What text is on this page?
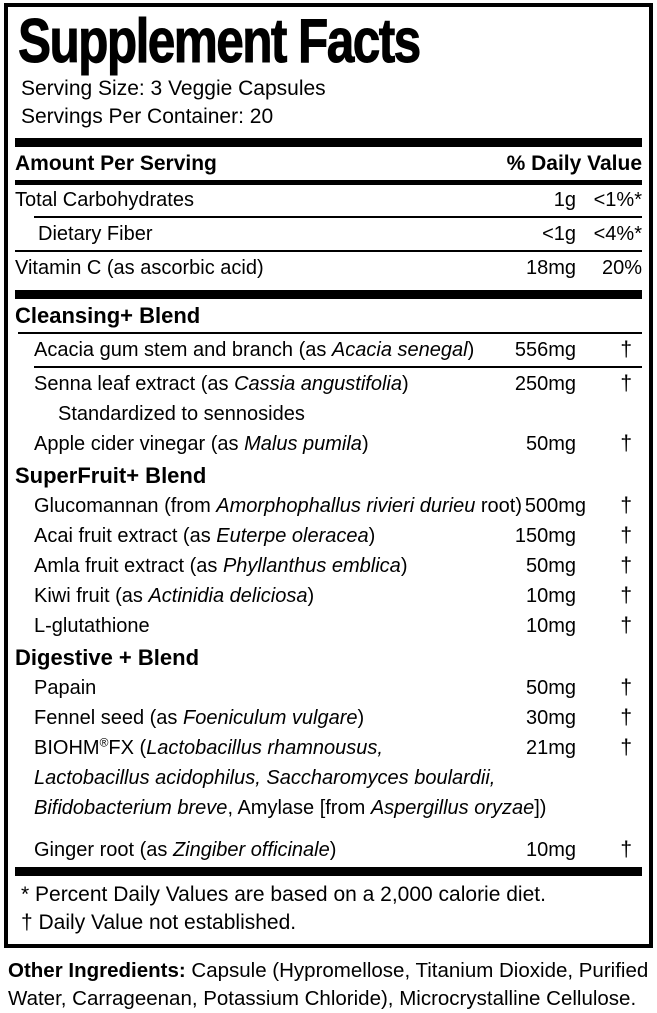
Supplement Facts
Serving Size: 3 Veggie Capsules
Servings Per Container: 20
Amount Per Serving	% Daily Value
Total Carbohydrates	1g <1%*
Dietary Fiber	<1g <4%*
Vitamin C (as ascorbic acid)	18mg	20%
Cleansing+ Blend
Acacia gum stem and branch (as Acacia senegal)	556mg	†
Senna leaf extract (as Cassia angustifolia)	250mg	†
Standardized to sennosides
Apple cider vinegar (as Malus pumila)	50mg	†
SuperFruit+ Blend
Glucomannan (from Amorphophallus rivieri durieu root) 500mg	†
Acai fruit extract (as Euterpe oleracea)	150mg	†
Amla fruit extract (as Phyllanthus emblica)	50mg	†
Kiwi fruit (as Actinidia deliciosa)	10mg	†
L-glutathione	10mg	†
Digestive + Blend
Papain	50mg	†
Fennel seed (as Foeniculum vulgare)	30mg	†
BIOHM®FX (Lactobacillus rhamnousus,	21mg	†
Lactobacillus acidophilus, Saccharomyces boulardii,
Bifidobacterium breve, Amylase [from Aspergillus oryzae])
Ginger root (as Zingiber officinale)	10mg	†
* Percent Daily Values are based on a 2,000 calorie diet.
† Daily Value not established.
Other Ingredients: Capsule (Hypromellose, Titanium Dioxide, Purified
Water, Carrageenan, Potassium Chloride), Microcrystalline Cellulose.
